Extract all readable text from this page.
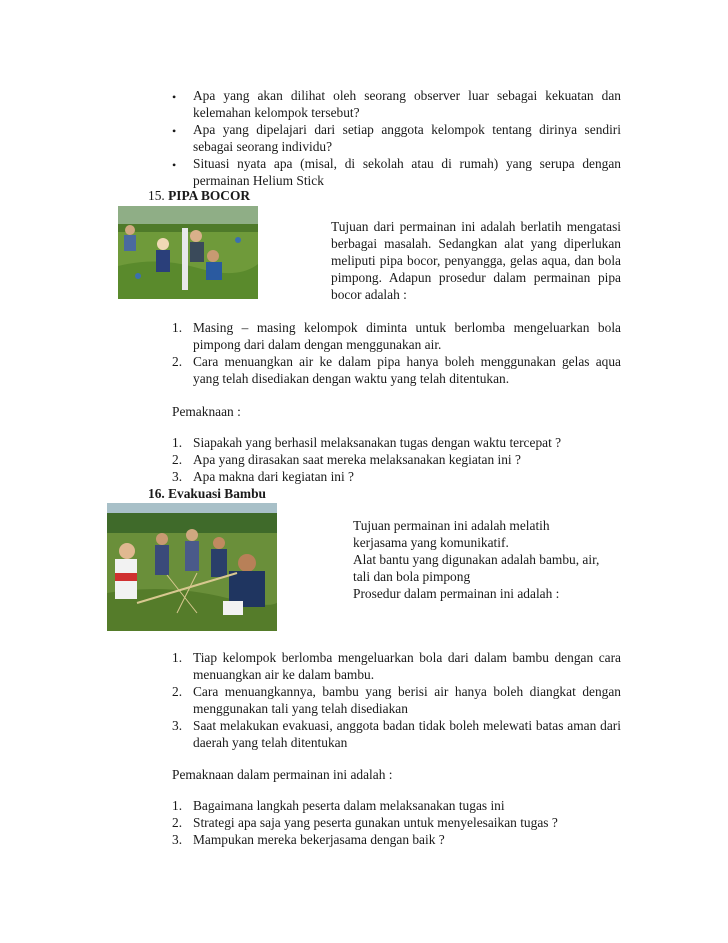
• Apa yang akan dilihat oleh seorang observer luar sebagai kekuatan dan kelemahan kelompok tersebut?
• Apa yang dipelajari dari setiap anggota kelompok tentang dirinya sendiri sebagai seorang individu?
• Situasi nyata apa (misal, di sekolah atau di rumah) yang serupa dengan permainan Helium Stick
15. PIPA BOCOR
Tujuan dari permainan ini adalah berlatih mengatasi berbagai masalah. Sedangkan alat yang diperlukan meliputi pipa bocor, penyangga, gelas aqua, dan bola pimpong. Adapun prosedur dalam permainan pipa bocor adalah :
1. Masing – masing kelompok diminta untuk berlomba mengeluarkan bola pimpong dari dalam dengan menggunakan air.
2. Cara menuangkan air ke dalam pipa hanya boleh menggunakan gelas aqua yang telah disediakan dengan waktu yang telah ditentukan.
Pemaknaan :
1. Siapakah yang berhasil melaksanakan tugas dengan waktu tercepat ?
2. Apa yang dirasakan saat mereka melaksanakan kegiatan ini ?
3. Apa makna dari kegiatan ini ?
16. Evakuasi Bambu
Tujuan permainan ini adalah melatih
kerjasama yang komunikatif.
Alat bantu yang digunakan adalah bambu, air,
tali dan bola pimpong
Prosedur dalam permainan ini adalah :
1. Tiap kelompok berlomba mengeluarkan bola dari dalam bambu dengan cara menuangkan air ke dalam bambu.
2. Cara menuangkannya, bambu yang berisi air hanya boleh diangkat dengan menggunakan tali yang telah disediakan
3. Saat melakukan evakuasi, anggota badan tidak boleh melewati batas aman dari daerah yang telah ditentukan
Pemaknaan dalam permainan ini adalah :
1. Bagaimana langkah peserta dalam melaksanakan tugas ini
2. Strategi apa saja yang peserta gunakan untuk menyelesaikan tugas ?
3. Mampukan mereka bekerjasama dengan baik ?
